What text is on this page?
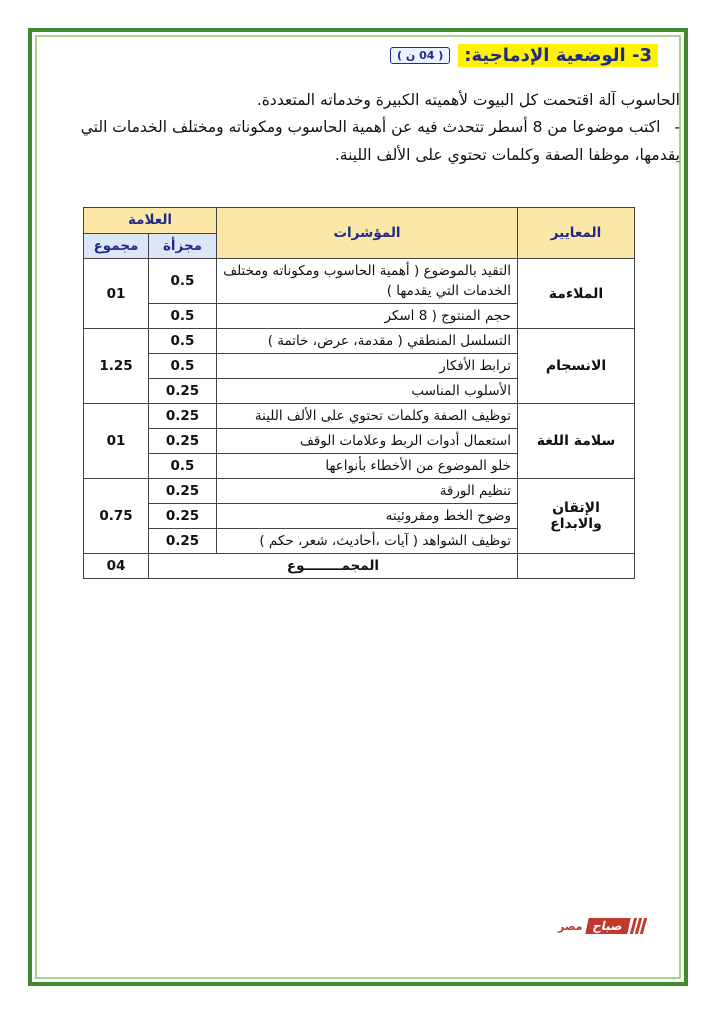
3- الوضعية الإدماجية:
( 04 ن )
الحاسوب آلة اقتحمت كل البيوت لأهميته الكبيرة وخدماته المتعددة.
-اكتب موضوعا من 8 أسطر تتحدث فيه عن أهمية الحاسوب ومكوناته ومختلف الخدمات التي يقدمها، موظفا الصفة وكلمات تحتوي على الألف اللينة.
المعايير	المؤشرات	العلامة	
		مجزأة	مجموع
الملاءمة	التقيد بالموضوع ( أهمية الحاسوب ومكوناته ومختلف الخدمات التي يقدمها )	0.5	01
	حجم المنتوج ( 8 اسكر	0.5	
الانسجام	التسلسل المنطقي ( مقدمة، عرض، خاتمة )	0.5	1.25
	ترابط الأفكار	0.5	
	الأسلوب المناسب	0.25	
سلامة اللغة	توظيف الصفة وكلمات تحتوي على الألف اللينة	0.25	01
	استعمال أدوات الربط وعلامات الوقف	0.25	
	خلو الموضوع من الأخطاء بأنواعها	0.5	
الإتقان والابداع	تنظيم الورقة	0.25	0.75
	وضوح الخط ومقروئيته	0.25	
	توظيف الشواهد ( آيات ،أحاديث، شعر، حكم )	0.25	
	المجمــــــــوع		04
مصر صباح
